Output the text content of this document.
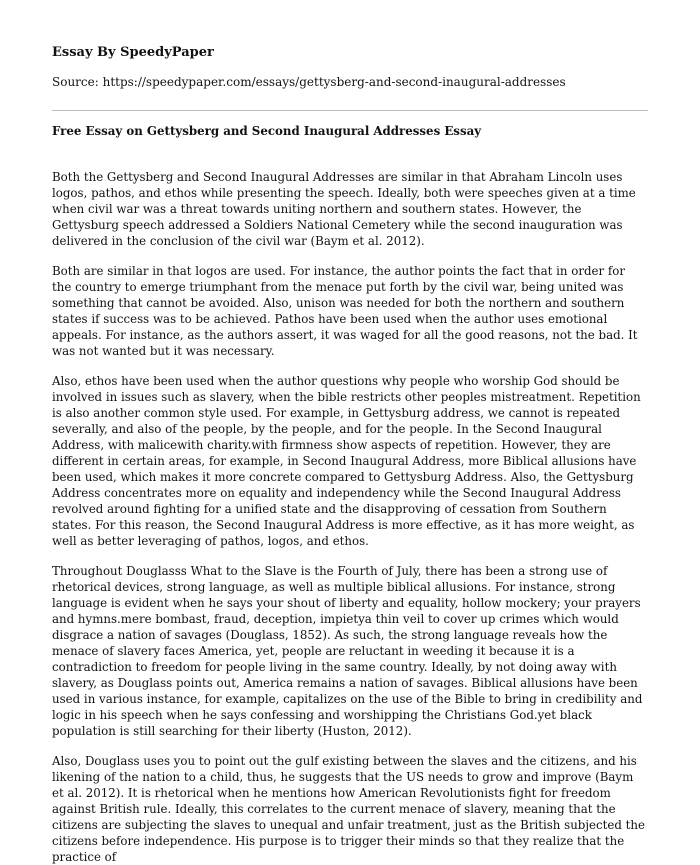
Essay By SpeedyPaper
Source: https://speedypaper.com/essays/gettysberg-and-second-inaugural-addresses
Free Essay on Gettysberg and Second Inaugural Addresses Essay

Both the Gettysberg and Second Inaugural Addresses are similar in that Abraham Lincoln uses logos, pathos, and ethos while presenting the speech. Ideally, both were speeches given at a time when civil war was a threat towards uniting northern and southern states. However, the Gettysburg speech addressed a Soldiers National Cemetery while the second inauguration was delivered in the conclusion of the civil war (Baym et al. 2012).

Both are similar in that logos are used. For instance, the author points the fact that in order for the country to emerge triumphant from the menace put forth by the civil war, being united was something that cannot be avoided. Also, unison was needed for both the northern and southern states if success was to be achieved. Pathos have been used when the author uses emotional appeals. For instance, as the authors assert, it was waged for all the good reasons, not the bad. It was not wanted but it was necessary.

Also, ethos have been used when the author questions why people who worship God should be involved in issues such as slavery, when the bible restricts other peoples mistreatment. Repetition is also another common style used. For example, in Gettysburg address, we cannot is repeated severally, and also of the people, by the people, and for the people. In the Second Inaugural Address, with malicewith charity.with firmness show aspects of repetition. However, they are different in certain areas, for example, in Second Inaugural Address, more Biblical allusions have been used, which makes it more concrete compared to Gettysburg Address. Also, the Gettysburg Address concentrates more on equality and independency while the Second Inaugural Address revolved around fighting for a unified state and the disapproving of cessation from Southern states. For this reason, the Second Inaugural Address is more effective, as it has more weight, as well as better leveraging of pathos, logos, and ethos.

Throughout Douglasss What to the Slave is the Fourth of July, there has been a strong use of rhetorical devices, strong language, as well as multiple biblical allusions. For instance, strong language is evident when he says your shout of liberty and equality, hollow mockery; your prayers and hymns.mere bombast, fraud, deception, impietya thin veil to cover up crimes which would disgrace a nation of savages (Douglass, 1852). As such, the strong language reveals how the menace of slavery faces America, yet, people are reluctant in weeding it because it is a contradiction to freedom for people living in the same country. Ideally, by not doing away with slavery, as Douglass points out, America remains a nation of savages. Biblical allusions have been used in various instance, for example, capitalizes on the use of the Bible to bring in credibility and logic in his speech when he says confessing and worshipping the Christians God.yet black population is still searching for their liberty (Huston, 2012).

Also, Douglass uses you to point out the gulf existing between the slaves and the citizens, and his likening of the nation to a child, thus, he suggests that the US needs to grow and improve (Baym et al. 2012). It is rhetorical when he mentions how American Revolutionists fight for freedom against British rule. Ideally, this correlates to the current menace of slavery, meaning that the citizens are subjecting the slaves to unequal and unfair treatment, just as the British subjected the citizens before independence. His purpose is to trigger their minds so that they realize that the practice of
